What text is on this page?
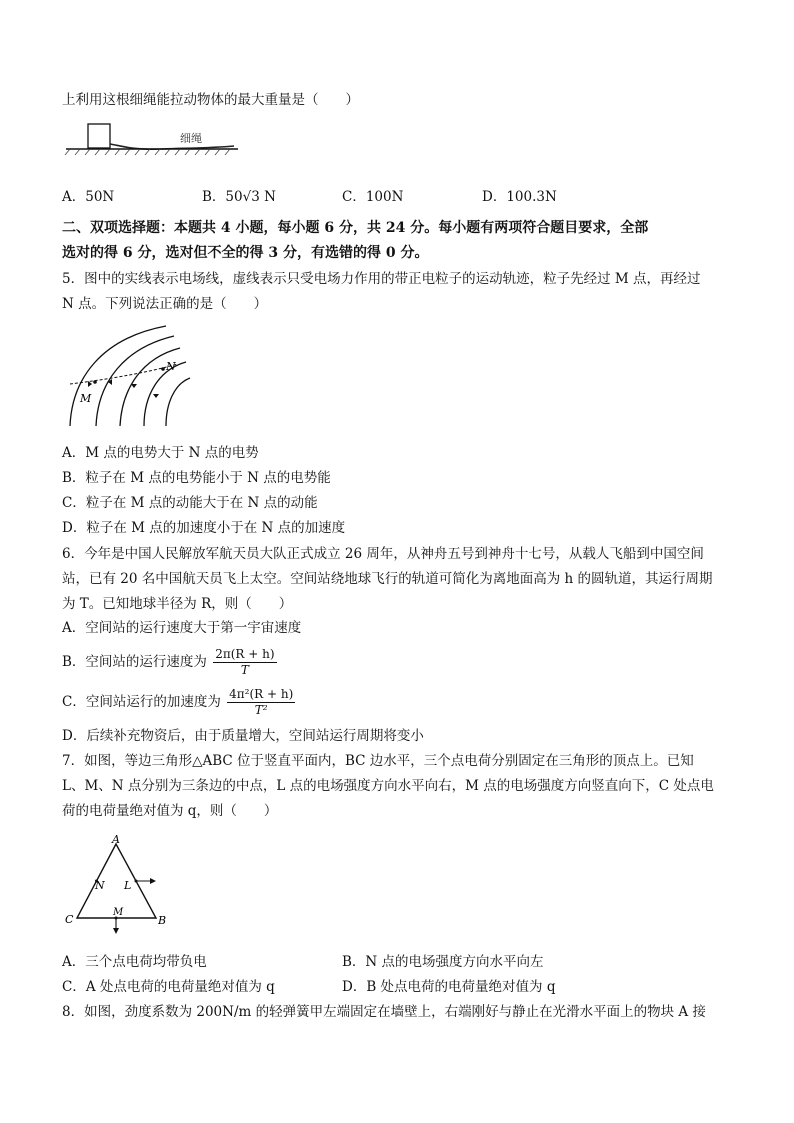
上利用这根细绳能拉动物体的最大重量是（　　）
细绳
A．50N	B．50√3 N	C．100N	D．100.3N
二、双项选择题：本题共 4 小题，每小题 6 分，共 24 分。每小题有两项符合题目要求，全部
选对的得 6 分，选对但不全的得 3 分，有选错的得 0 分。
5．图中的实线表示电场线，虚线表示只受电场力作用的带正电粒子的运动轨迹，粒子先经过 M 点，再经过
N 点。下列说法正确的是（　　）
M
N
A．M 点的电势大于 N 点的电势
B．粒子在 M 点的电势能小于 N 点的电势能
C．粒子在 M 点的动能大于在 N 点的动能
D．粒子在 M 点的加速度小于在 N 点的加速度
6．今年是中国人民解放军航天员大队正式成立 26 周年，从神舟五号到神舟十七号，从载人飞船到中国空间
站，已有 20 名中国航天员飞上太空。空间站绕地球飞行的轨道可简化为离地面高为 h 的圆轨道，其运行周期
为 T。已知地球半径为 R，则（　　）
A．空间站的运行速度大于第一宇宙速度
B．空间站的运行速度为 $\frac{2\pi(R + h)}{T}$
C．空间站运行的加速度为 $\frac{\text{4π²(R + h)}}{\text{T²}}$
D．后续补充物资后，由于质量增大，空间站运行周期将变小
7．如图，等边三角形△ABC 位于竖直平面内，BC 边水平，三个点电荷分别固定在三角形的顶点上。已知
L、M、N 点分别为三条边的中点，L 点的电场强度方向水平向右，M 点的电场强度方向竖直向下，C 处点电
荷的电荷量绝对值为 q，则（　　）
A
C	B
N L
M
A．三个点电荷均带负电	B．N 点的电场强度方向水平向左
C．A 处点电荷的电荷量绝对值为 q	D．B 处点电荷的电荷量绝对值为 q
8．如图，劲度系数为 200N/m 的轻弹簧甲左端固定在墙壁上，右端刚好与静止在光滑水平面上的物块 A 接
